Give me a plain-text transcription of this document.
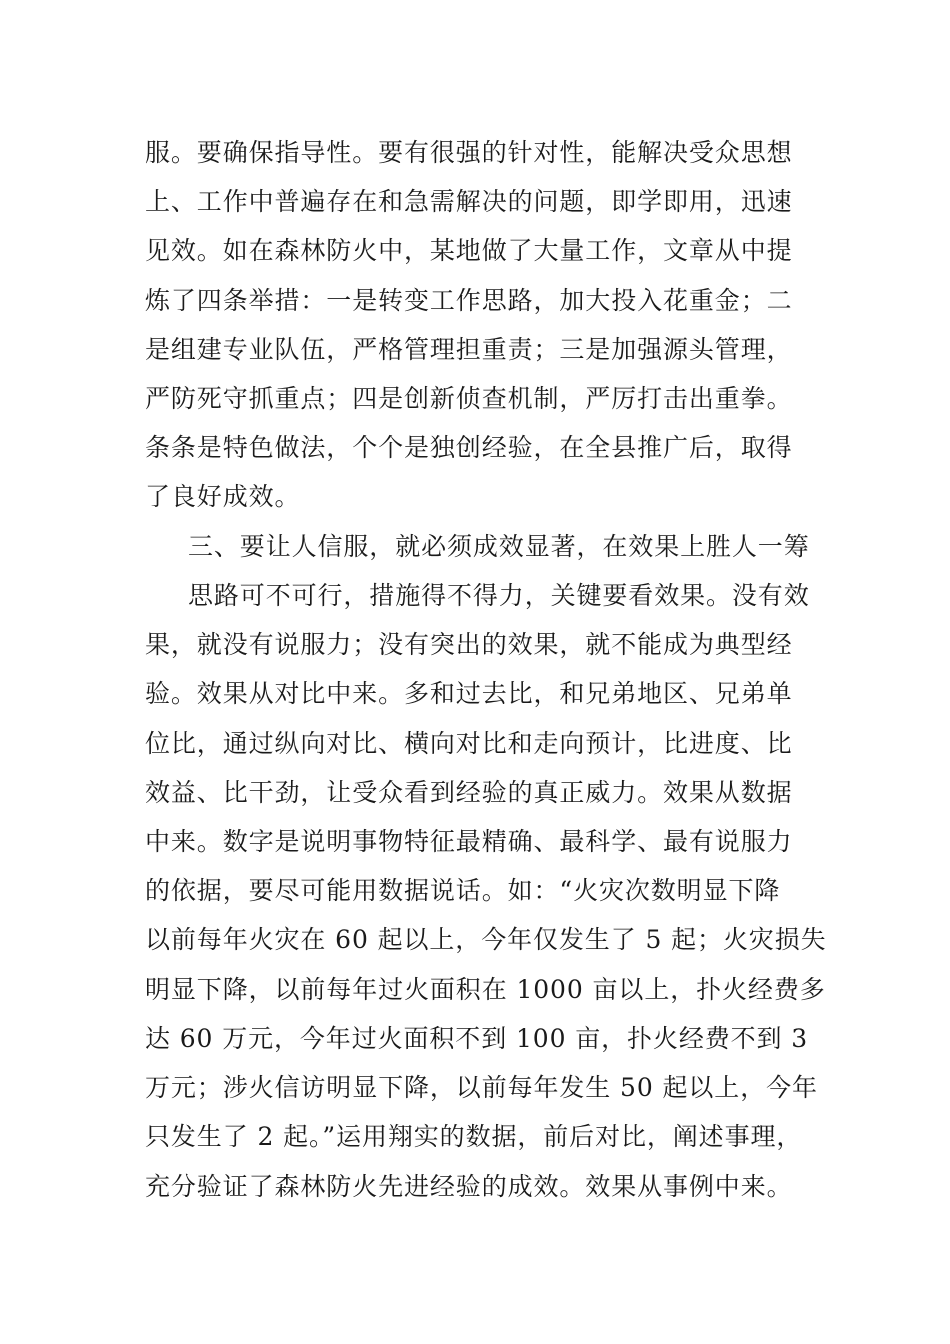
服。要确保指导性。要有很强的针对性，能解决受众思想
上、工作中普遍存在和急需解决的问题，即学即用，迅速
见效。如在森林防火中，某地做了大量工作，文章从中提
炼了四条举措：一是转变工作思路，加大投入花重金；二
是组建专业队伍，严格管理担重责；三是加强源头管理，
严防死守抓重点；四是创新侦查机制，严厉打击出重拳。
条条是特色做法，个个是独创经验，在全县推广后，取得
了良好成效。
三、要让人信服，就必须成效显著，在效果上胜人一筹
思路可不可行，措施得不得力，关键要看效果。没有效
果，就没有说服力；没有突出的效果，就不能成为典型经
验。效果从对比中来。多和过去比，和兄弟地区、兄弟单
位比，通过纵向对比、横向对比和走向预计，比进度、比
效益、比干劲，让受众看到经验的真正威力。效果从数据
中来。数字是说明事物特征最精确、最科学、最有说服力
的依据，要尽可能用数据说话。如：“火灾次数明显下降
以前每年火灾在 60 起以上，今年仅发生了 5 起；火灾损失
明显下降，以前每年过火面积在 1000 亩以上，扑火经费多
达 60 万元，今年过火面积不到 100 亩，扑火经费不到 3
万元；涉火信访明显下降，以前每年发生 50 起以上，今年
只发生了 2 起。”运用翔实的数据，前后对比，阐述事理，
充分验证了森林防火先进经验的成效。效果从事例中来。
